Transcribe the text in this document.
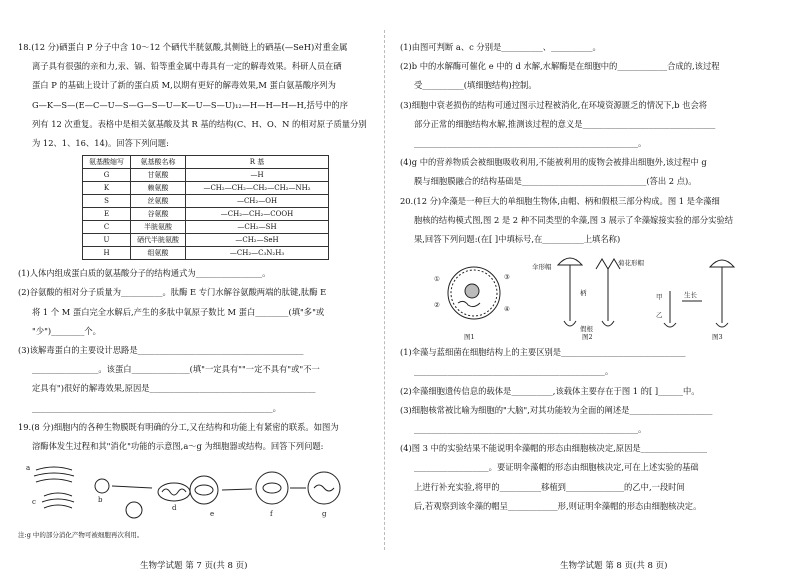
18.(12 分)硒蛋白 P 分子中含 10～12 个硒代半胱氨酸,其侧链上的硒基(—SeH)对重金属

离子具有很强的亲和力,汞、镉、铅等重金属中毒具有一定的解毒效果。科研人员在硒

蛋白 P 的基础上设计了新的蛋白质 M,以期有更好的解毒效果,M 蛋白氨基酸序列为

G—K—S—(E—C—U—S—G—S—U—K—U—S—U)₁₂—H—H—H—H,括号中的序

列有 12 次重复。表格中是相关氨基酸及其 R 基的结构(C、H、O、N 的相对原子质量分别

为 12、1、16、14)。回答下列问题:

氨基酸缩写	氨基酸名称	R 基
G	甘氨酸	—H
K	赖氨酸	—CH₂—CH₂—CH₂—CH₂—NH₂
S	丝氨酸	—CH₂—OH
E	谷氨酸	—CH₂—CH₂—COOH
C	半胱氨酸	—CH₂—SH
U	硒代半胱氨酸	—CH₂—SeH
H	组氨酸	—CH₂—C₃N₂H₃

(1)人体内组成蛋白质的氨基酸分子的结构通式为________________。

(2)谷氨酸的相对分子质量为__________。肽酶 E 专门水解谷氨酸两端的肽键,肽酶 E

将 1 个 M 蛋白完全水解后,产生的多肽中氧原子数比 M 蛋白________(填"多"或

"少")________个。

(3)该解毒蛋白的主要设计思路是________________________________________

________________。该蛋白______________(填"一定具有""一定不具有"或"不一

定具有")很好的解毒效果,原因是________________________________________

__________________________________________________________。

19.(8 分)细胞内的各种生物膜既有明确的分工,又在结构和功能上有紧密的联系。如图为

溶酶体发生过程和其"消化"功能的示意图,a～g 为细胞器或结构。回答下列问题:

a
b
c
d
e	f	g

注:g 中的部分消化产物可被细胞再次利用。

(1)由图可判断 a、c 分别是__________、__________。

(2)b 中的水解酶可催化 e 中的 d 水解,水解酶是在细胞中的____________合成的,该过程

受__________(填细胞结构)控制。

(3)细胞中衰老损伤的结构可通过图示过程被消化,在环境资源匮乏的情况下,b 也会将

部分正常的细胞结构水解,推测该过程的意义是________________________________

______________________________________________________。

(4)g 中的营养物质会被细胞吸收利用,不能被利用的废物会被排出细胞外,该过程中 g

膜与细胞膜融合的结构基础是______________________________(答出 2 点)。

20.(12 分)伞藻是一种巨大的单细胞生物体,由帽、柄和假根三部分构成。图 1 是伞藻细

胞核的结构模式图,图 2 是 2 种不同类型的伞藻,图 3 展示了伞藻嫁接实验的部分实验结

果,回答下列问题:(在[ ]中填标号,在__________上填名称)

①
②
③
④
伞形帽	菊花形帽
柄
假根
甲
乙
生长
图1	图2	图3

(1)伞藻与蓝细菌在细胞结构上的主要区别是______________________________

______________________________________________。

(2)伞藻细胞遗传信息的载体是__________,该载体主要存在于图 1 的[ ]______中。

(3)细胞核常被比喻为细胞的"大脑",对其功能较为全面的阐述是____________________

______________________________________________________。

(4)图 3 中的实验结果不能说明伞藻帽的形态由细胞核决定,原因是________________

__________________。要证明伞藻帽的形态由细胞核决定,可在上述实验的基础

上进行补充实验,将甲的__________移植到______________的乙中,一段时间

后,若观察到该伞藻的帽呈____________形,则证明伞藻帽的形态由细胞核决定。

生物学试题 第 7 页(共 8 页)	生物学试题 第 8 页(共 8 页)
